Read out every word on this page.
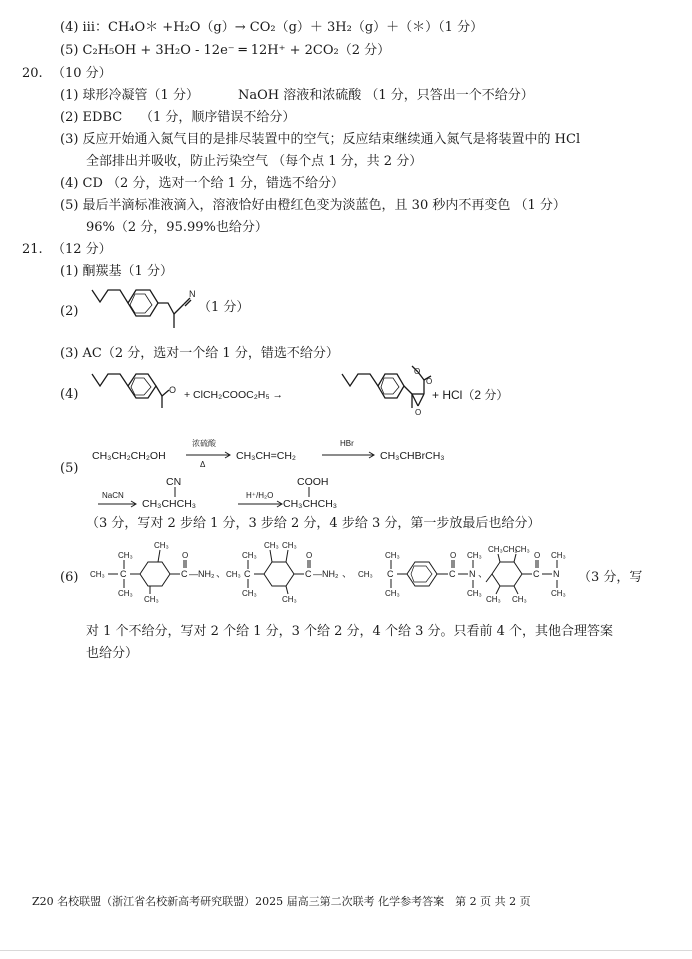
(4) ⅲ：CH₄O＊ +H₂O（g）→ CO₂（g）＋ 3H₂（g）＋（＊）（1 分）
(5) C₂H₅OH + 3H₂O - 12e⁻ ═ 12H⁺ + 2CO₂（2 分）
20. （10 分）
(1) 球形冷凝管（1 分）	NaOH 溶液和浓硫酸 （1 分，只答出一个不给分）
(2) EDBC （1 分，顺序错误不给分）
(3) 反应开始通入氮气目的是排尽装置中的空气；反应结束继续通入氮气是将装置中的 HCl
全部排出并吸收，防止污染空气 （每个点 1 分，共 2 分）
(4) CD （2 分，选对一个给 1 分，错选不给分）
(5) 最后半滴标准液滴入，溶液恰好由橙红色变为淡蓝色，且 30 秒内不再变色 （1 分）
96%（2 分，95.99%也给分）
21. （12 分）
(1) 酮羰基（1 分）
(2)
N
（1 分）
(3) AC（2 分，选对一个给 1 分，错选不给分）
(4)	O + ClCH₂COOC₂H₅ →
O
O
O
+ HCl（2 分）
(5)
CH₃CH₂CH₂OH
浓硫酸
Δ
CH₃CH=CH₂
HBr
CH₃CHBrCH₃
NaCN
CN
CH₃CHCH₃
H⁺/H₂O
COOH
CH₃CHCH₃
（3 分，写对 2 步给 1 分，3 步给 2 分，4 步给 3 分，第一步放最后也给分）
(6) CH₃ C
CH₃
CH₃
CH₃
CH₃
C
O
—NH₂ 、 CH₃ C
CH₃
CH₃
CH₃ CH₃
CH₃
C
O
—NH₂ 、 CH₃ C
CH₃
CH₃
C
O
N
CH₃
CH₃
、
CH₃CH₂
CH₃
CH₃ CH₃
C
O
N
CH₃
CH₃
（3 分，写
对 1 个不给分，写对 2 个给 1 分，3 个给 2 分，4 个给 3 分。只看前 4 个，其他合理答案
也给分）
Z20 名校联盟（浙江省名校新高考研究联盟）2025 届高三第二次联考 化学参考答案　第 2 页 共 2 页
